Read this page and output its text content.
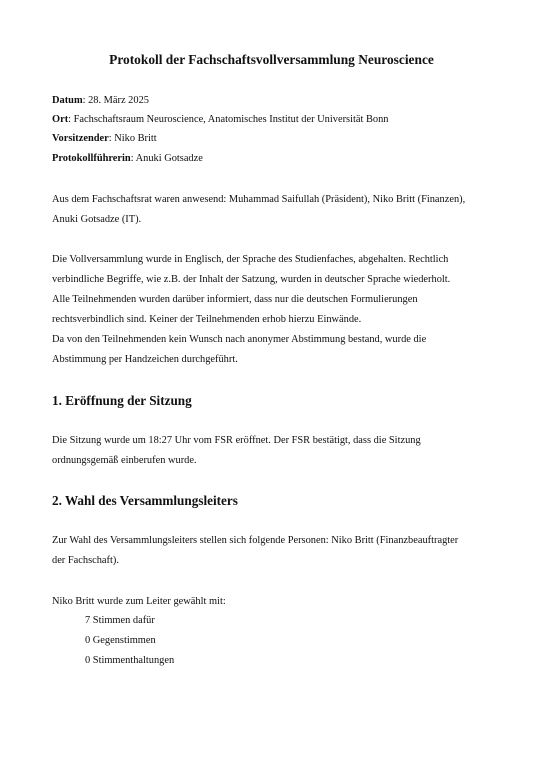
Protokoll der Fachschaftsvollversammlung Neuroscience
Datum: 28. März 2025
Ort: Fachschaftsraum Neuroscience, Anatomisches Institut der Universität Bonn
Vorsitzender: Niko Britt
Protokollführerin: Anuki Gotsadze
Aus dem Fachschaftsrat waren anwesend: Muhammad Saifullah (Präsident), Niko Britt (Finanzen),
Anuki Gotsadze (IT).
Die Vollversammlung wurde in Englisch, der Sprache des Studienfaches, abgehalten. Rechtlich
verbindliche Begriffe, wie z.B. der Inhalt der Satzung, wurden in deutscher Sprache wiederholt.
Alle Teilnehmenden wurden darüber informiert, dass nur die deutschen Formulierungen
rechtsverbindlich sind. Keiner der Teilnehmenden erhob hierzu Einwände.
Da von den Teilnehmenden kein Wunsch nach anonymer Abstimmung bestand, wurde die
Abstimmung per Handzeichen durchgeführt.
1. Eröffnung der Sitzung
Die Sitzung wurde um 18:27 Uhr vom FSR eröffnet. Der FSR bestätigt, dass die Sitzung
ordnungsgemäß einberufen wurde.
2. Wahl des Versammlungsleiters
Zur Wahl des Versammlungsleiters stellen sich folgende Personen: Niko Britt (Finanzbeauftragter
der Fachschaft).
Niko Britt wurde zum Leiter gewählt mit:
7 Stimmen dafür
0 Gegenstimmen
0 Stimmenthaltungen
